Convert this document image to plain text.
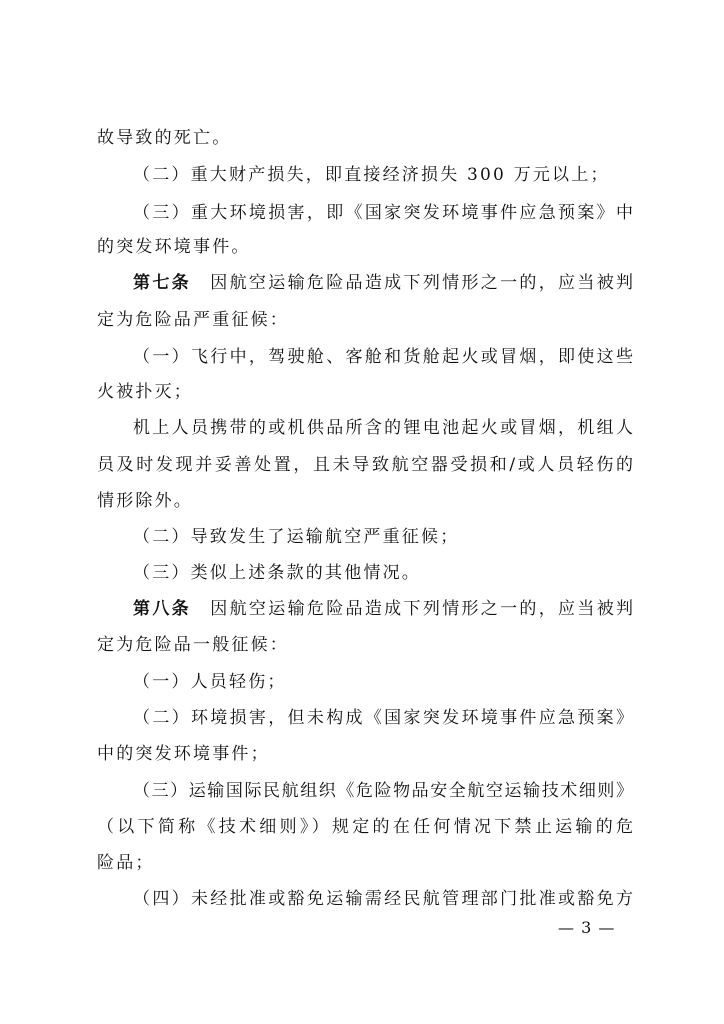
故导致的死亡。
（二）重大财产损失，即直接经济损失 300 万元以上；
（三）重大环境损害，即《国家突发环境事件应急预案》中
的突发环境事件。
第七条　 因航空运输危险品造成下列情形之一的，应当被判
定为危险品严重征候：
（一）飞行中，驾驶舱、客舱和货舱起火或冒烟，即使这些
火被扑灭；
机上人员携带的或机供品所含的锂电池起火或冒烟，机组人
员及时发现并妥善处置，且未导致航空器受损和/或人员轻伤的
情形除外。
（二）导致发生了运输航空严重征候；
（三）类似上述条款的其他情况。
第八条　 因航空运输危险品造成下列情形之一的，应当被判
定为危险品一般征候：
（一）人员轻伤；
（二）环境损害，但未构成《国家突发环境事件应急预案》
中的突发环境事件；
（三）运输国际民航组织《危险物品安全航空运输技术细则》
（以下简称《技术细则》）规定的在任何情况下禁止运输的危
险品；
（四）未经批准或豁免运输需经民航管理部门批准或豁免方
— 3 —
